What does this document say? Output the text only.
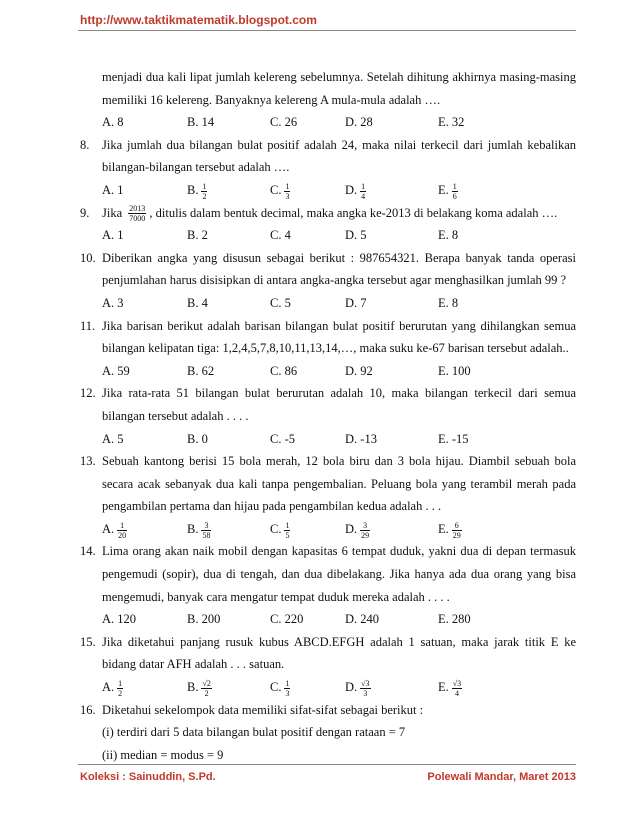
http://www.taktikmatematik.blogspot.com
menjadi dua kali lipat jumlah kelereng sebelumnya. Setelah dihitung akhirnya masing-masing memiliki 16 kelereng. Banyaknya kelereng A mula-mula adalah ….
A. 8	B. 14	C. 26	D. 28	E. 32
8. Jika jumlah dua bilangan bulat positif adalah 24, maka nilai terkecil dari jumlah kebalikan bilangan-bilangan tersebut adalah ….
A. 1	B. $\frac{1}{2}$	C. $\frac{1}{3}$	D. $\frac{1}{4}$	E. $\frac{1}{6}$
9. Jika $\frac{2013}{7000}$ , ditulis dalam bentuk decimal, maka angka ke-2013 di belakang koma adalah ….
A. 1	B. 2	C. 4	D. 5	E. 8
10. Diberikan angka yang disusun sebagai berikut : 987654321. Berapa banyak tanda operasi penjumlahan harus disisipkan di antara angka-angka tersebut agar menghasilkan jumlah 99 ?
A. 3	B. 4	C. 5	D. 7	E. 8
11. Jika barisan berikut adalah barisan bilangan bulat positif berurutan yang dihilangkan semua bilangan kelipatan tiga: 1,2,4,5,7,8,10,11,13,14,…, maka suku ke-67 barisan tersebut adalah..
A. 59	B. 62	C. 86	D. 92	E. 100
12. Jika rata-rata 51 bilangan bulat berurutan adalah 10, maka bilangan terkecil dari semua bilangan tersebut adalah . . . .
A. 5	B. 0	C. -5	D. -13	E. -15
13. Sebuah kantong berisi 15 bola merah, 12 bola biru dan 3 bola hijau. Diambil sebuah bola secara acak sebanyak dua kali tanpa pengembalian. Peluang bola yang terambil merah pada pengambilan pertama dan hijau pada pengambilan kedua adalah . . .
A. $\frac{1}{20}$	B. $\frac{3}{58}$	C. $\frac{1}{5}$	D. $\frac{3}{29}$	E. $\frac{6}{29}$
14. Lima orang akan naik mobil dengan kapasitas 6 tempat duduk, yakni dua di depan termasuk pengemudi (sopir), dua di tengah, dan dua dibelakang. Jika hanya ada dua orang yang bisa mengemudi, banyak cara mengatur tempat duduk mereka adalah . . . .
A. 120	B. 200	C. 220	D. 240	E. 280
15. Jika diketahui panjang rusuk kubus ABCD.EFGH adalah 1 satuan, maka jarak titik E ke bidang datar AFH adalah . . . satuan.
A. $\frac{1}{2}$	B. $\frac{√2}{2}$	C. $\frac{1}{3}$	D. $\frac{√3}{3}$	E. $\frac{√3}{4}$
16. Diketahui sekelompok data memiliki sifat-sifat sebagai berikut :
(i) terdiri dari 5 data bilangan bulat positif dengan rataan = 7
(ii) median = modus = 9
Koleksi : Sainuddin, S.Pd.	Polewali Mandar, Maret 2013
